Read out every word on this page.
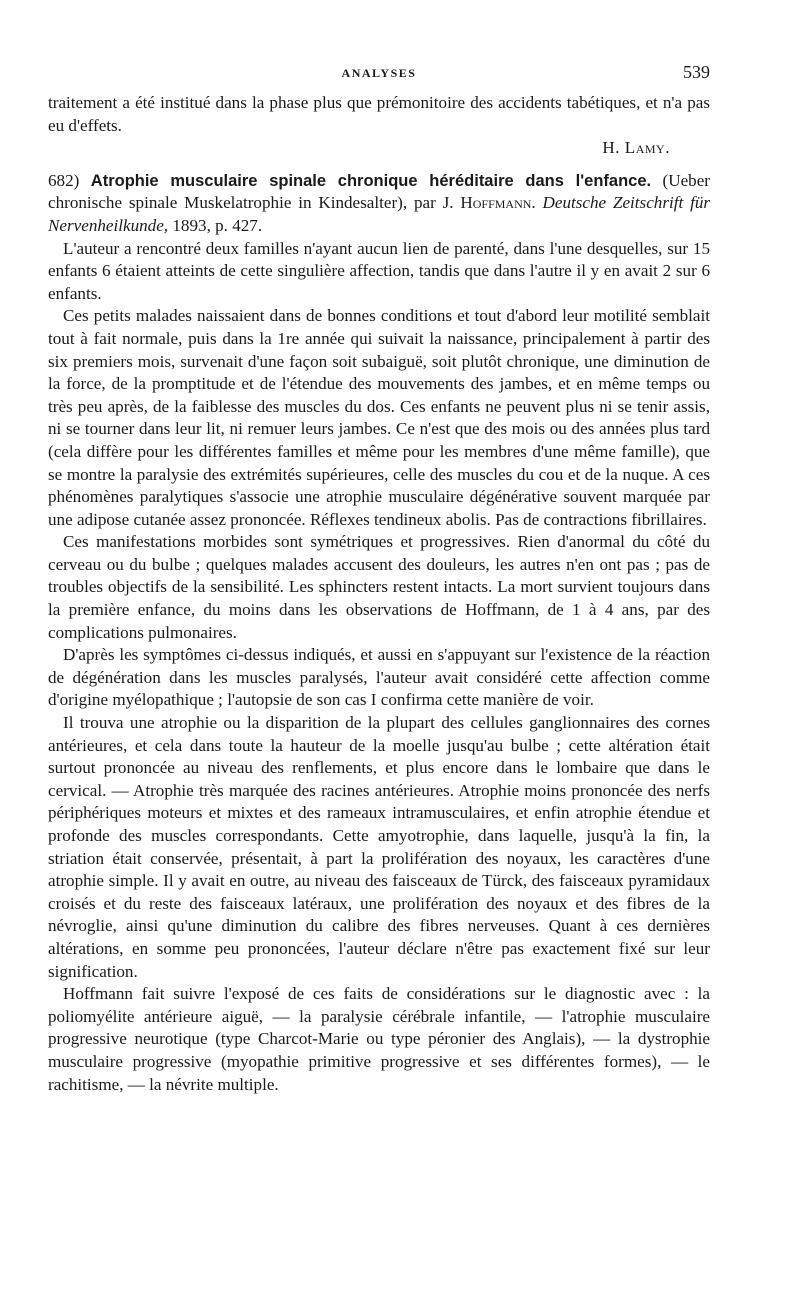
ANALYSES	539

traitement a été institué dans la phase plus que prémonitoire des accidents tabétiques, et n'a pas eu d'effets.

H. Lamy.

682) Atrophie musculaire spinale chronique héréditaire dans l'enfance. (Ueber chronische spinale Muskelatrophie in Kindesalter), par J. Hoffmann. Deutsche Zeitschrift für Nervenheilkunde, 1893, p. 427.

L'auteur a rencontré deux familles n'ayant aucun lien de parenté, dans l'une desquelles, sur 15 enfants 6 étaient atteints de cette singulière affection, tandis que dans l'autre il y en avait 2 sur 6 enfants.

Ces petits malades naissaient dans de bonnes conditions et tout d'abord leur motilité semblait tout à fait normale, puis dans la 1re année qui suivait la naissance, principalement à partir des six premiers mois, survenait d'une façon soit subaiguë, soit plutôt chronique, une diminution de la force, de la promptitude et de l'étendue des mouvements des jambes, et en même temps ou très peu après, de la faiblesse des muscles du dos. Ces enfants ne peuvent plus ni se tenir assis, ni se tourner dans leur lit, ni remuer leurs jambes. Ce n'est que des mois ou des années plus tard (cela diffère pour les différentes familles et même pour les membres d'une même famille), que se montre la paralysie des extrémités supérieures, celle des muscles du cou et de la nuque. A ces phénomènes paralytiques s'associe une atrophie musculaire dégénérative souvent marquée par une adipose cutanée assez prononcée. Réflexes tendineux abolis. Pas de contractions fibrillaires.

Ces manifestations morbides sont symétriques et progressives. Rien d'anormal du côté du cerveau ou du bulbe ; quelques malades accusent des douleurs, les autres n'en ont pas ; pas de troubles objectifs de la sensibilité. Les sphincters restent intacts. La mort survient toujours dans la première enfance, du moins dans les observations de Hoffmann, de 1 à 4 ans, par des complications pulmonaires.

D'après les symptômes ci-dessus indiqués, et aussi en s'appuyant sur l'existence de la réaction de dégénération dans les muscles paralysés, l'auteur avait considéré cette affection comme d'origine myélopathique ; l'autopsie de son cas I confirma cette manière de voir.

Il trouva une atrophie ou la disparition de la plupart des cellules ganglionnaires des cornes antérieures, et cela dans toute la hauteur de la moelle jusqu'au bulbe ; cette altération était surtout prononcée au niveau des renflements, et plus encore dans le lombaire que dans le cervical. — Atrophie très marquée des racines antérieures. Atrophie moins prononcée des nerfs périphériques moteurs et mixtes et des rameaux intramusculaires, et enfin atrophie étendue et profonde des muscles correspondants. Cette amyotrophie, dans laquelle, jusqu'à la fin, la striation était conservée, présentait, à part la prolifération des noyaux, les caractères d'une atrophie simple. Il y avait en outre, au niveau des faisceaux de Türck, des faisceaux pyramidaux croisés et du reste des faisceaux latéraux, une prolifération des noyaux et des fibres de la névroglie, ainsi qu'une diminution du calibre des fibres nerveuses. Quant à ces dernières altérations, en somme peu prononcées, l'auteur déclare n'être pas exactement fixé sur leur signification.

Hoffmann fait suivre l'exposé de ces faits de considérations sur le diagnostic avec : la poliomyélite antérieure aiguë, — la paralysie cérébrale infantile, — l'atrophie musculaire progressive neurotique (type Charcot-Marie ou type péronier des Anglais), — la dystrophie musculaire progressive (myopathie primitive progressive et ses différentes formes), — le rachitisme, — la névrite multiple.
